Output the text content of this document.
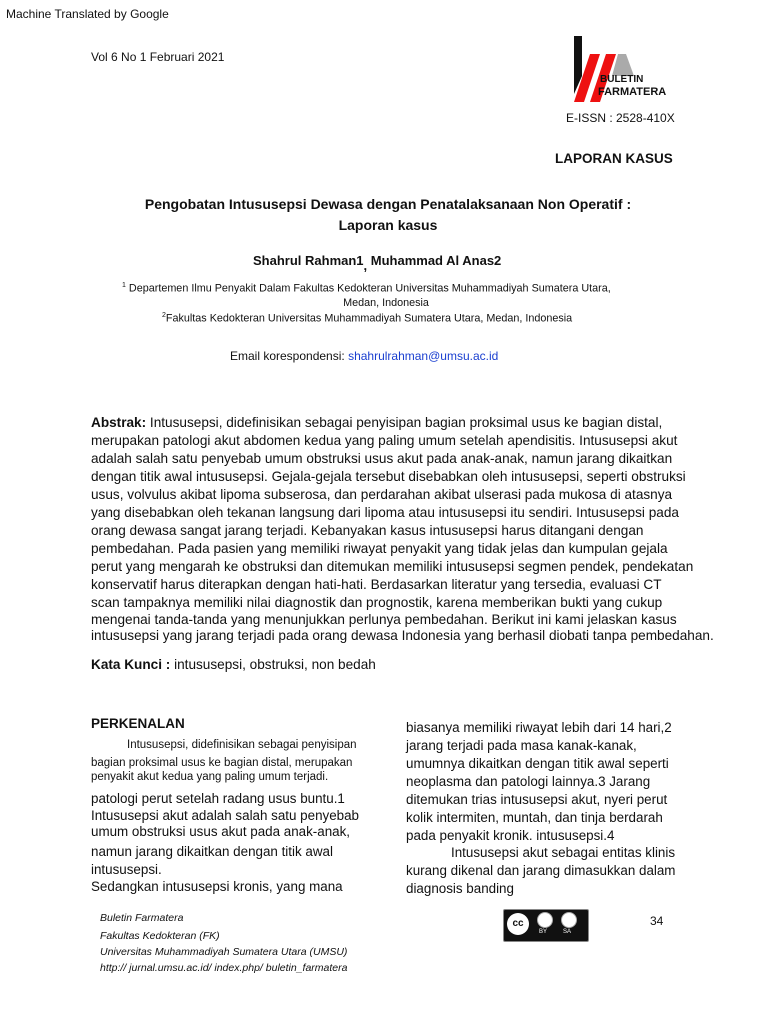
Machine Translated by Google
Vol 6 No 1 Februari 2021
BULETIN
FARMATERA
E-ISSN : 2528-410X
LAPORAN KASUS
Pengobatan Intususepsi Dewasa dengan Penatalaksanaan Non Operatif :
Laporan kasus
Shahrul Rahman1, Muhammad Al Anas2
$^1$ Departemen Ilmu Penyakit Dalam Fakultas Kedokteran Universitas Muhammadiyah Sumatera Utara,
Medan, Indonesia
$^2$Fakultas Kedokteran Universitas Muhammadiyah Sumatera Utara, Medan, Indonesia
Email korespondensi: shahrulrahman@umsu.ac.id
Abstrak: Intususepsi, didefinisikan sebagai penyisipan bagian proksimal usus ke bagian distal,
merupakan patologi akut abdomen kedua yang paling umum setelah apendisitis. Intususepsi akut
adalah salah satu penyebab umum obstruksi usus akut pada anak-anak, namun jarang dikaitkan
dengan titik awal intususepsi. Gejala-gejala tersebut disebabkan oleh intususepsi, seperti obstruksi
usus, volvulus akibat lipoma subserosa, dan perdarahan akibat ulserasi pada mukosa di atasnya
yang disebabkan oleh tekanan langsung dari lipoma atau intususepsi itu sendiri. Intususepsi pada
orang dewasa sangat jarang terjadi. Kebanyakan kasus intususepsi harus ditangani dengan
pembedahan. Pada pasien yang memiliki riwayat penyakit yang tidak jelas dan kumpulan gejala
perut yang mengarah ke obstruksi dan ditemukan memiliki intususepsi segmen pendek, pendekatan
konservatif harus diterapkan dengan hati-hati. Berdasarkan literatur yang tersedia, evaluasi CT
scan tampaknya memiliki nilai diagnostik dan prognostik, karena memberikan bukti yang cukup
mengenai tanda-tanda yang menunjukkan perlunya pembedahan. Berikut ini kami jelaskan kasus
intususepsi yang jarang terjadi pada orang dewasa Indonesia yang berhasil diobati tanpa pembedahan.
Kata Kunci : intususepsi, obstruksi, non bedah
PERKENALAN
Intususepsi, didefinisikan sebagai penyisipan
bagian proksimal usus ke bagian distal, merupakan
penyakit akut kedua yang paling umum terjadi.
patologi perut setelah radang usus buntu.1
Intususepsi akut adalah salah satu penyebab
umum obstruksi usus akut pada anak-anak,
namun jarang dikaitkan dengan titik awal
intususepsi.
Sedangkan intususepsi kronis, yang mana
biasanya memiliki riwayat lebih dari 14 hari,2
jarang terjadi pada masa kanak-kanak,
umumnya dikaitkan dengan titik awal seperti
neoplasma dan patologi lainnya.3 Jarang
ditemukan trias intususepsi akut, nyeri perut
kolik intermiten, muntah, dan tinja berdarah
pada penyakit kronik. intususepsi.4
Intususepsi akut sebagai entitas klinis
kurang dikenal dan jarang dimasukkan dalam
diagnosis banding
Buletin Farmatera
Fakultas Kedokteran (FK)
Universitas Muhammadiyah Sumatera Utara (UMSU)
http:// jurnal.umsu.ac.id/ index.php/ buletin_farmatera
cc
BY	SA
34
